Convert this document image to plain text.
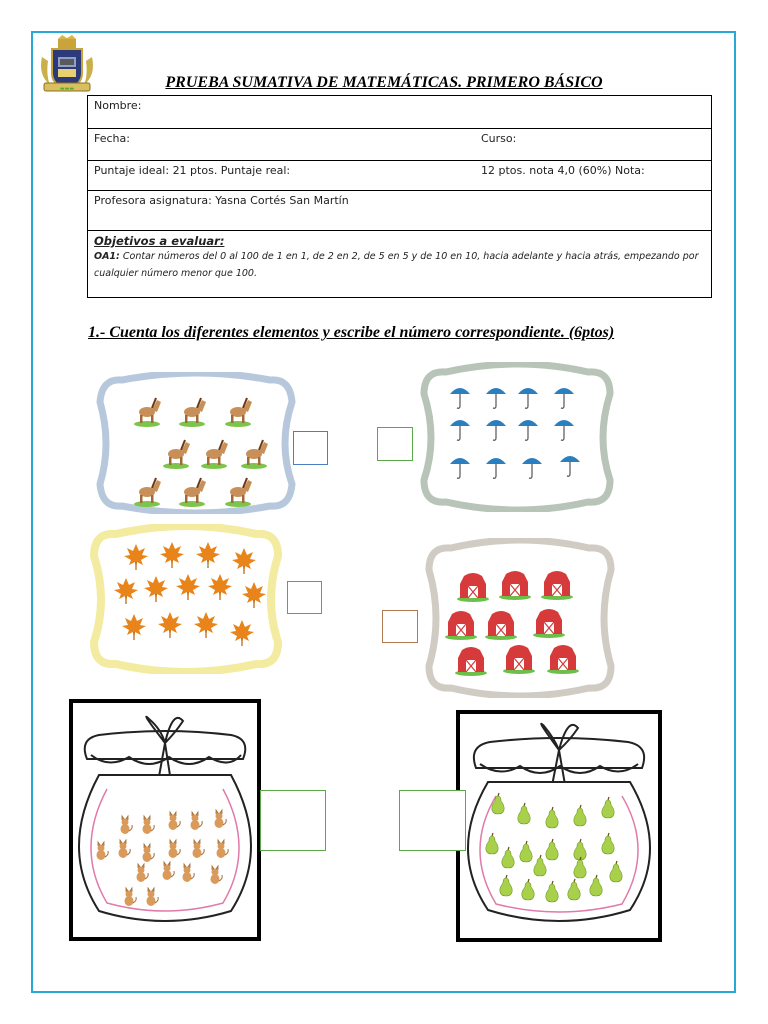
▬▬▬	PRUEBA SUMATIVA DE MATEMÁTICAS. PRIMERO BÁSICO
Nombre:	
Fecha:	Curso:
Puntaje ideal: 21 ptos. Puntaje real:	12 ptos. nota 4,0 (60%) Nota:
Profesora asignatura: Yasna Cortés San Martín	

Objetivos a evaluar:
OA1: Contar números del 0 al 100 de 1 en 1, de 2 en 2, de 5 en 5 y de 10 en 10, hacia adelante y hacia atrás, empezando por cualquier número menor que 100.	
1.- Cuenta los diferentes elementos y escribe el número correspondiente. (6ptos)
